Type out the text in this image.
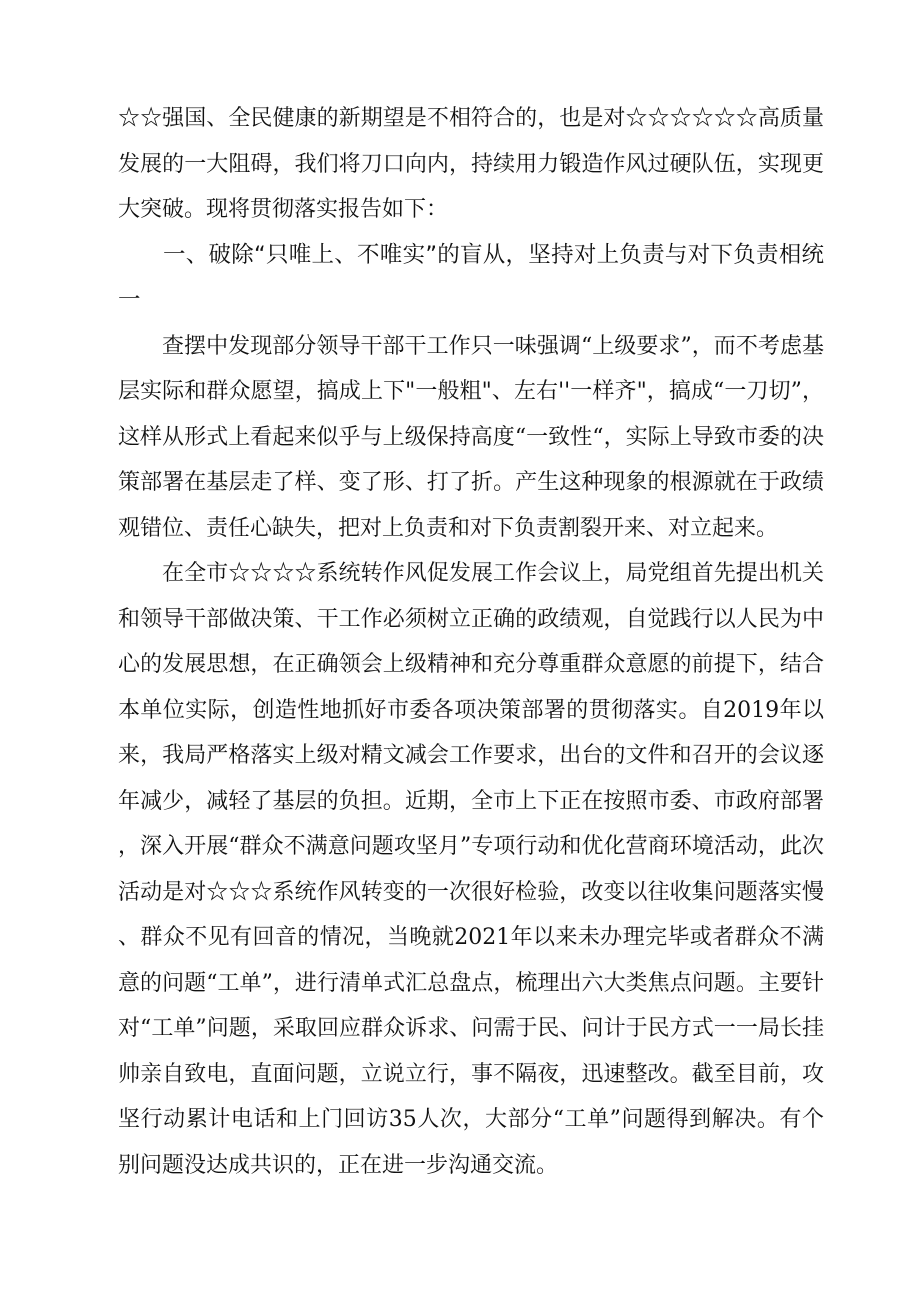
☆☆强国、全民健康的新期望是不相符合的，也是对☆☆☆☆☆☆高质量发展的一大阻碍，我们将刀口向内，持续用力锻造作风过硬队伍，实现更大突破。现将贯彻落实报告如下：

一、破除“只唯上、不唯实”的盲从，坚持对上负责与对下负责相统一

查摆中发现部分领导干部干工作只一味强调“上级要求”，而不考虑基层实际和群众愿望，搞成上下"一般粗"、左右''一样齐"，搞成“一刀切”，这样从形式上看起来似乎与上级保持高度“一致性“，实际上导致市委的决策部署在基层走了样、变了形、打了折。产生这种现象的根源就在于政绩观错位、责任心缺失，把对上负责和对下负责割裂开来、对立起来。

在全市☆☆☆☆系统转作风促发展工作会议上，局党组首先提出机关和领导干部做决策、干工作必须树立正确的政绩观，自觉践行以人民为中心的发展思想，在正确领会上级精神和充分尊重群众意愿的前提下，结合本单位实际，创造性地抓好市委各项决策部署的贯彻落实。自2019年以来，我局严格落实上级对精文减会工作要求，出台的文件和召开的会议逐年减少，减轻了基层的负担。近期，全市上下正在按照市委、市政府部署，深入开展“群众不满意问题攻坚月”专项行动和优化营商环境活动，此次活动是对☆☆☆系统作风转变的一次很好检验，改变以往收集问题落实慢、群众不见有回音的情况，当晚就2021年以来未办理完毕或者群众不满意的问题“工单”，进行清单式汇总盘点，梳理出六大类焦点问题。主要针对“工单”问题，采取回应群众诉求、问需于民、问计于民方式一一局长挂帅亲自致电，直面问题，立说立行，事不隔夜，迅速整改。截至目前，攻坚行动累计电话和上门回访35人次，大部分“工单”问题得到解决。有个别问题没达成共识的，正在进一步沟通交流。
